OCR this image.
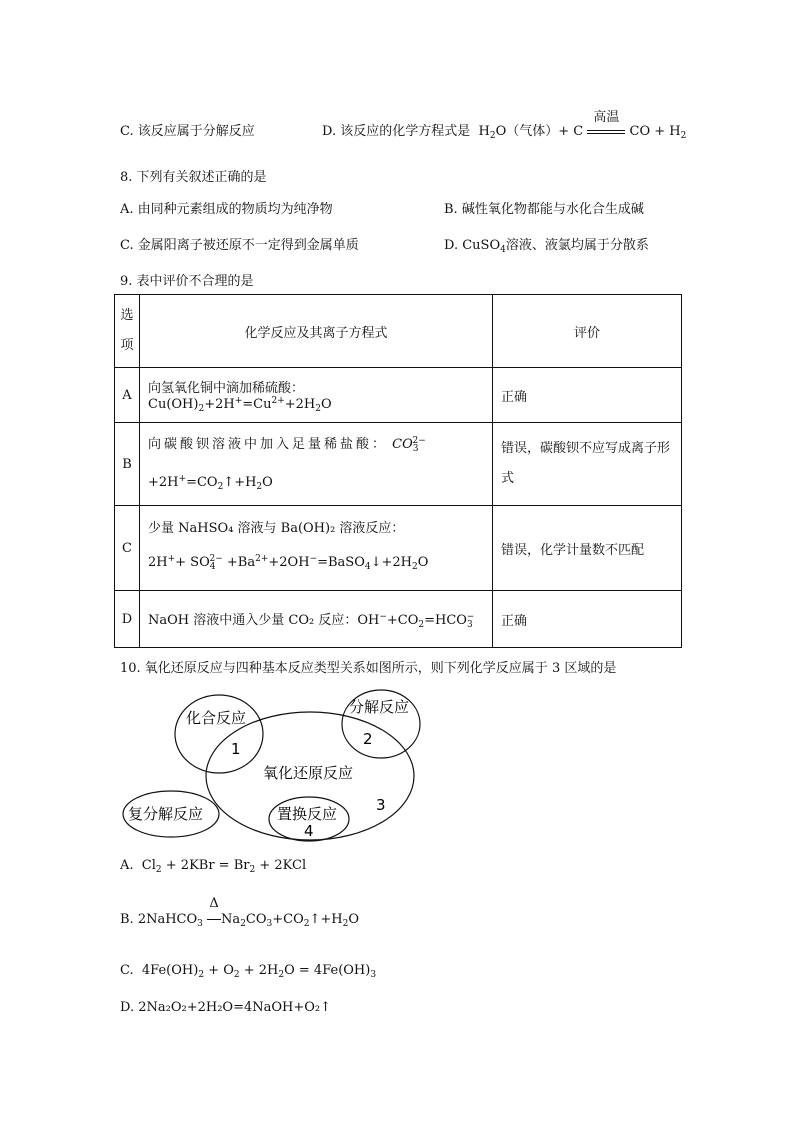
C. 该反应属于分解反应	D. 该反应的化学方程式是  $H_2O$（气体）+ C
高温
CO + $H_2$
8. 下列有关叙述正确的是
A. 由同种元素组成的物质均为纯净物	B. 碱性氧化物都能与水化合生成碱
C. 金属阳离子被还原不一定得到金属单质	D. CuSO$_4$溶液、液氯均属于分散系
9. 表中评价不合理的是
选
项	化学反应及其离子方程式	评价
A	向氢氧化铜中滴加稀硫酸：$Cu(OH)_2+2H^+=Cu^{2+}+2H_2O$	正确
B	向碳酸钡溶液中加入足量稀盐酸： $CO_3^{2-}$
$+2H^+=CO_2↑+H_2O$	错误，碳酸钡不应写成离子形式
C	少量 NaHSO₄ 溶液与 Ba(OH)₂ 溶液反应：
$2H^++ SO_4^{2-}$ $+Ba^{2+}+2OH^-=BaSO_4↓+2H_2O$	错误，化学计量数不匹配
D	NaOH 溶液中通入少量 CO₂ 反应：$OH^-+CO_2=HCO_3^-$	正确
10. 氧化还原反应与四种基本反应类型关系如图所示，则下列化学反应属于 3 区域的是
化合反应
分解反应
氧化还原反应
复分解反应	置换反应
1
2
3
4
A.  $Cl_2 + 2KBr = Br_2 + 2KCl$
B. 2NaHCO$_3$
Δ
$Na_2CO_3+CO_2↑+H_2O$
C.  $4Fe(OH)_2 + O_2 + 2H_2O = 4Fe(OH)_3$
D. 2Na₂O₂+2H₂O=4NaOH+O₂↑
